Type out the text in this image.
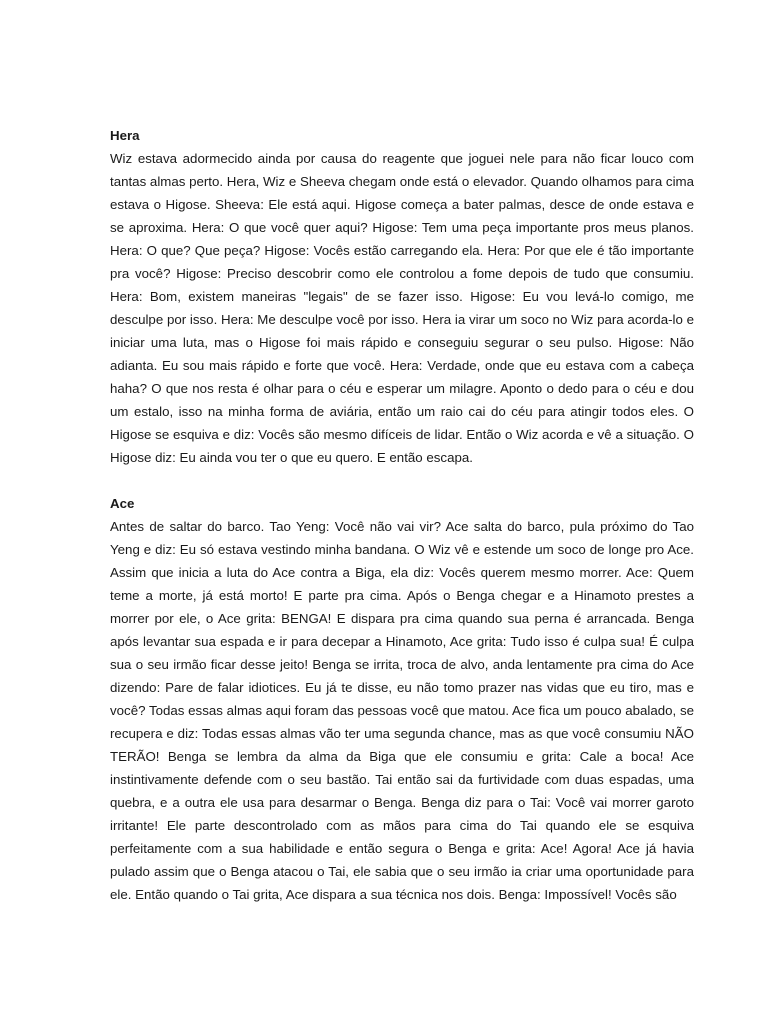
Hera

Wiz estava adormecido ainda por causa do reagente que joguei nele para não ficar louco com tantas almas perto. Hera, Wiz e Sheeva chegam onde está o elevador. Quando olhamos para cima estava o Higose. Sheeva: Ele está aqui. Higose começa a bater palmas, desce de onde estava e se aproxima. Hera: O que você quer aqui? Higose: Tem uma peça importante pros meus planos. Hera: O que? Que peça? Higose: Vocês estão carregando ela. Hera: Por que ele é tão importante pra você? Higose: Preciso descobrir como ele controlou a fome depois de tudo que consumiu. Hera: Bom, existem maneiras "legais" de se fazer isso. Higose: Eu vou levá-lo comigo, me desculpe por isso. Hera: Me desculpe você por isso. Hera ia virar um soco no Wiz para acorda-lo e iniciar uma luta, mas o Higose foi mais rápido e conseguiu segurar o seu pulso. Higose: Não adianta. Eu sou mais rápido e forte que você. Hera: Verdade, onde que eu estava com a cabeça haha? O que nos resta é olhar para o céu e esperar um milagre. Aponto o dedo para o céu e dou um estalo, isso na minha forma de aviária, então um raio cai do céu para atingir todos eles. O Higose se esquiva e diz: Vocês são mesmo difíceis de lidar. Então o Wiz acorda e vê a situação. O Higose diz: Eu ainda vou ter o que eu quero. E então escapa.

Ace

Antes de saltar do barco. Tao Yeng: Você não vai vir? Ace salta do barco, pula próximo do Tao Yeng e diz: Eu só estava vestindo minha bandana. O Wiz vê e estende um soco de longe pro Ace. Assim que inicia a luta do Ace contra a Biga, ela diz: Vocês querem mesmo morrer. Ace: Quem teme a morte, já está morto! E parte pra cima. Após o Benga chegar e a Hinamoto prestes a morrer por ele, o Ace grita: BENGA! E dispara pra cima quando sua perna é arrancada. Benga após levantar sua espada e ir para decepar a Hinamoto, Ace grita: Tudo isso é culpa sua! É culpa sua o seu irmão ficar desse jeito! Benga se irrita, troca de alvo, anda lentamente pra cima do Ace dizendo: Pare de falar idiotices. Eu já te disse, eu não tomo prazer nas vidas que eu tiro, mas e você? Todas essas almas aqui foram das pessoas você que matou. Ace fica um pouco abalado, se recupera e diz: Todas essas almas vão ter uma segunda chance, mas as que você consumiu NÃO TERÃO! Benga se lembra da alma da Biga que ele consumiu e grita: Cale a boca! Ace instintivamente defende com o seu bastão. Tai então sai da furtividade com duas espadas, uma quebra, e a outra ele usa para desarmar o Benga. Benga diz para o Tai: Você vai morrer garoto irritante! Ele parte descontrolado com as mãos para cima do Tai quando ele se esquiva perfeitamente com a sua habilidade e então segura o Benga e grita: Ace! Agora! Ace já havia pulado assim que o Benga atacou o Tai, ele sabia que o seu irmão ia criar uma oportunidade para ele. Então quando o Tai grita, Ace dispara a sua técnica nos dois. Benga: Impossível! Vocês são
